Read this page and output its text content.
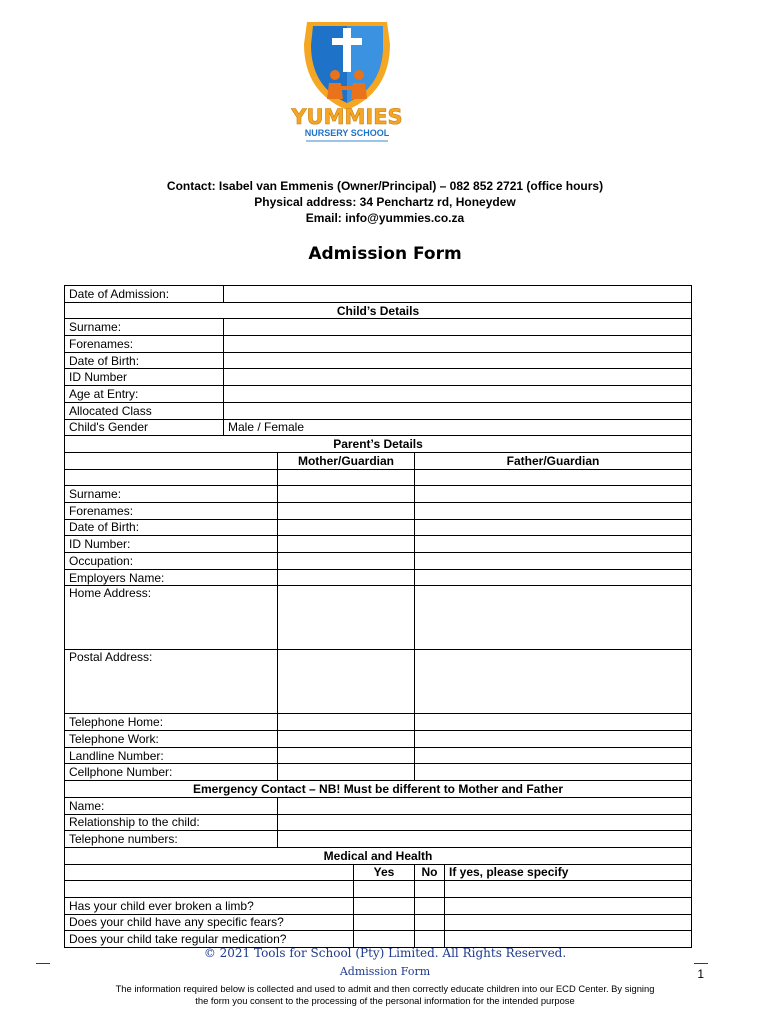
YUMMIES
NURSERY SCHOOL
Contact: Isabel van Emmenis (Owner/Principal) – 082 852 2721 (office hours)
Physical address: 34 Penchartz rd, Honeydew
Email: info@yummies.co.za
Admission Form
Date of Admission:					
Child’s Details					
Surname:					
Forenames:					
Date of Birth:					
ID Number					
Age at Entry:					
Allocated Class					
Child's Gender	Male / Female				
Parent’s Details					
		Mother/Guardian		Father/Guardian	

Surname:					
Forenames:					
Date of Birth:					
ID Number:					
Occupation:					
Employers Name:					
Home Address:					
Postal Address:					
Telephone Home:					
Telephone Work:					
Landline Number:					
Cellphone Number:					
Emergency Contact – NB! Must be different to Mother and Father					
Name:					
Relationship to the child:					
Telephone numbers:					
Medical and Health					
			Yes	No	If yes, please specify

Has your child ever broken a limb?					
Does your child have any specific fears?					
Does your child take regular medication?					
© 2021 Tools for School (Pty) Limited. All Rights Reserved.
Admission Form	1
The information required below is collected and used to admit and then correctly educate children into our ECD Center. By signing
the form you consent to the processing of the personal information for the intended purpose
